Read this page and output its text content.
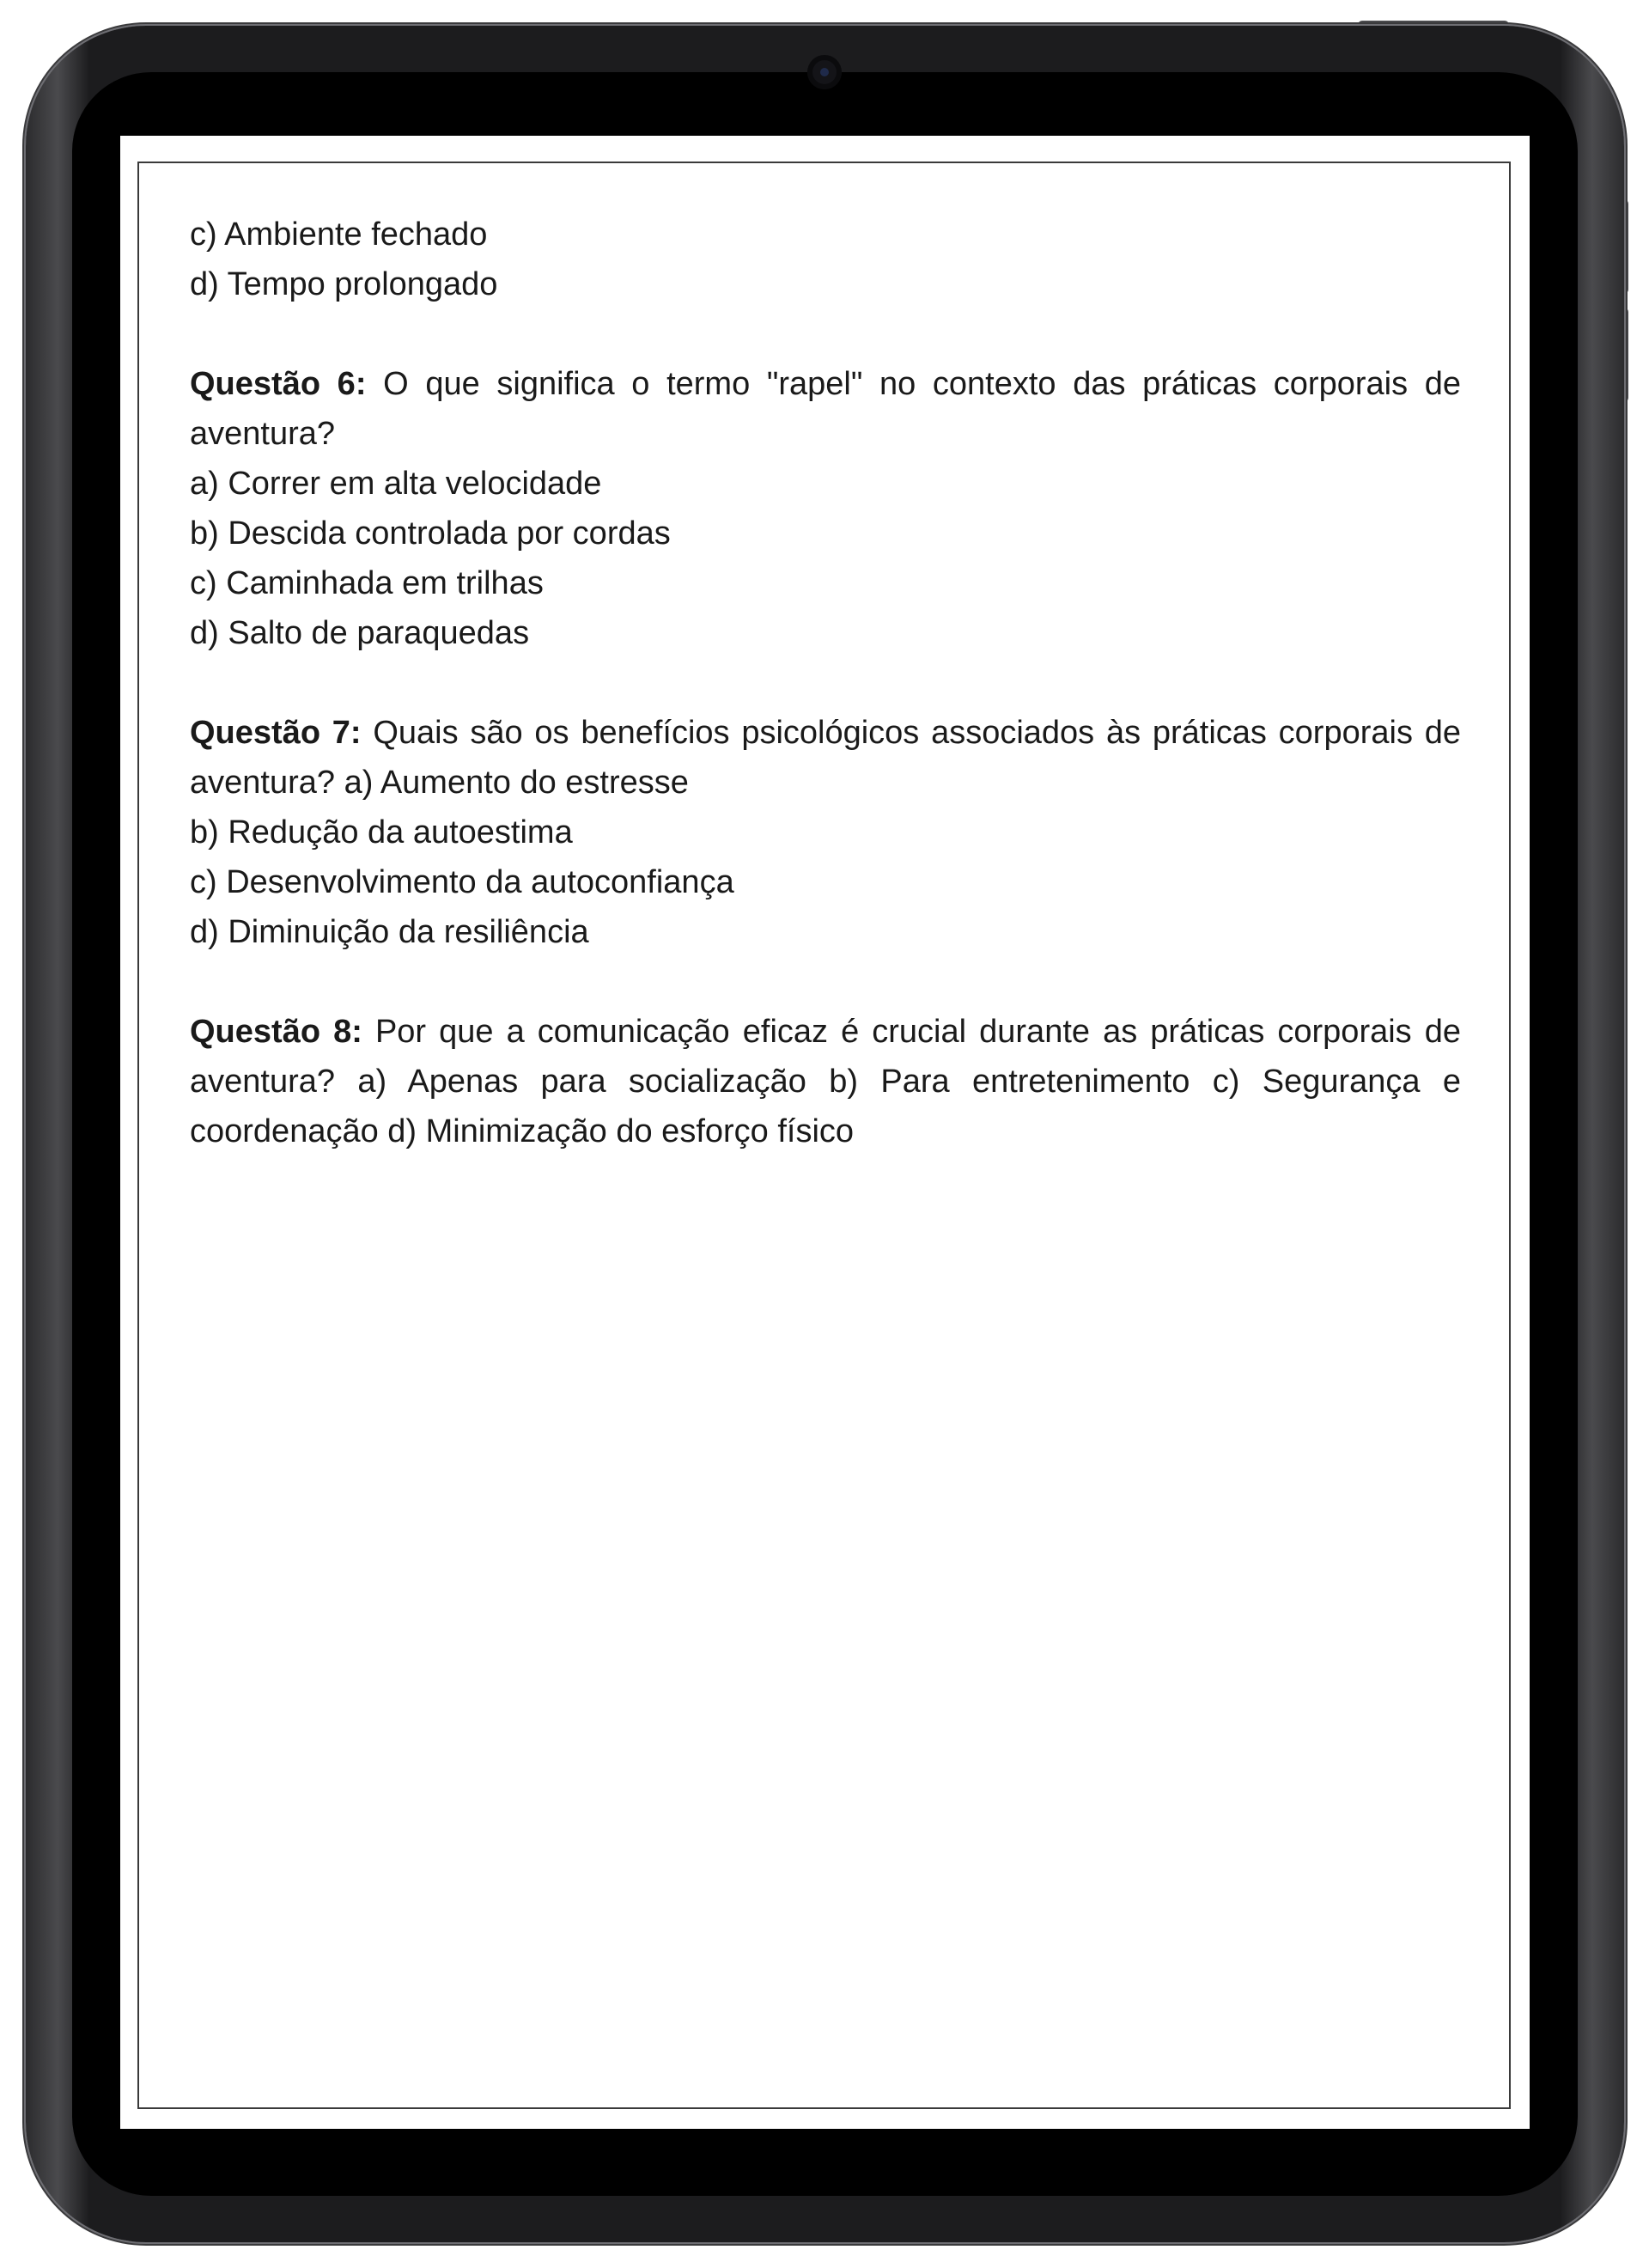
c) Ambiente fechado

d) Tempo prolongado

Questão 6: O que significa o termo "rapel" no contexto das práticas corporais de aventura?

a) Correr em alta velocidade

b) Descida controlada por cordas

c) Caminhada em trilhas

d) Salto de paraquedas

Questão 7: Quais são os benefícios psicológicos associados às práticas corporais de aventura? a) Aumento do estresse

b) Redução da autoestima

c) Desenvolvimento da autoconfiança

d) Diminuição da resiliência

Questão 8: Por que a comunicação eficaz é crucial durante as práticas corporais de aventura? a) Apenas para socialização b) Para entretenimento c) Segurança e coordenação d) Minimização do esforço físico
